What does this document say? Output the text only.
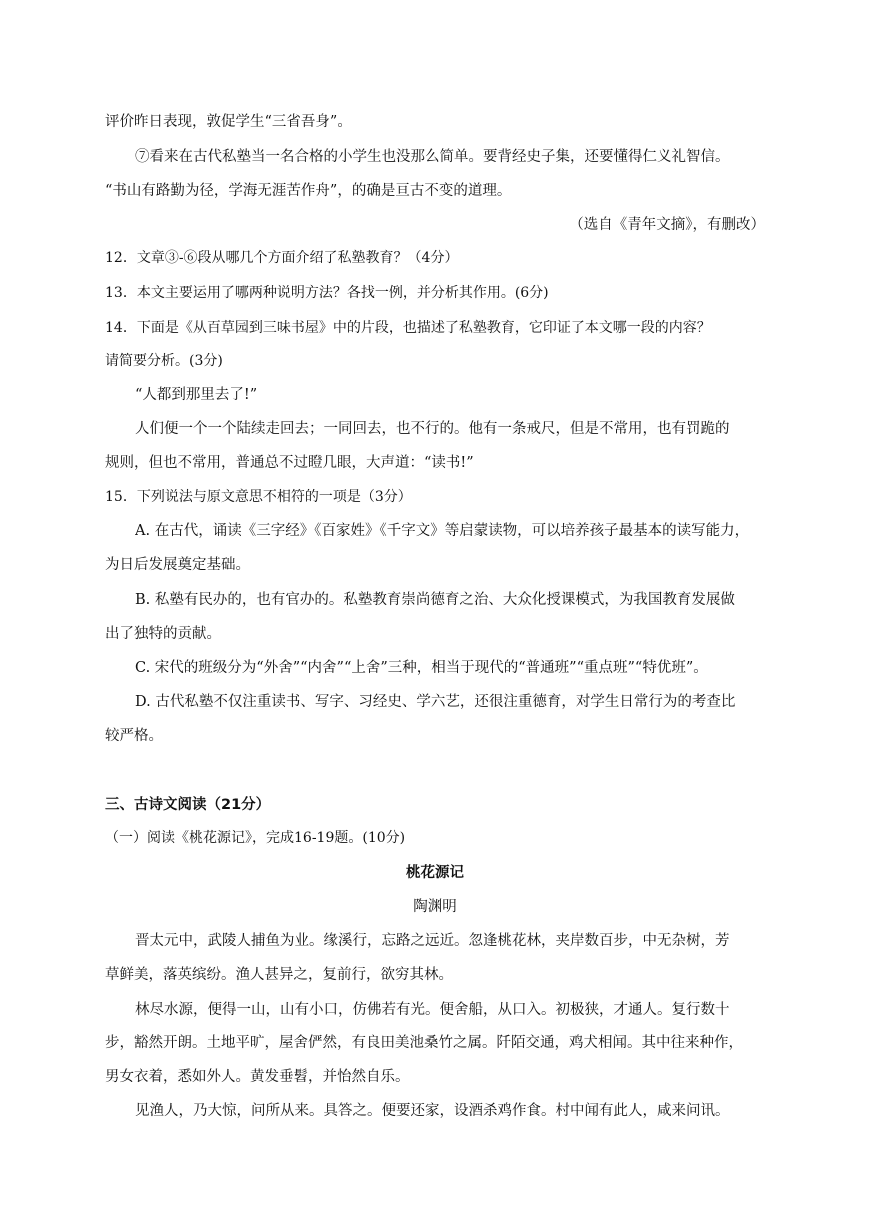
评价昨日表现，敦促学生“三省吾身”。
⑦看来在古代私塾当一名合格的小学生也没那么简单。要背经史子集，还要懂得仁义礼智信。
“书山有路勤为径，学海无涯苦作舟”，的确是亘古不变的道理。
（选自《青年文摘》，有删改）
12．文章③-⑥段从哪几个方面介绍了私塾教育？（4分）
13．本文主要运用了哪两种说明方法？各找一例，并分析其作用。(6分)
14．下面是《从百草园到三味书屋》中的片段，也描述了私塾教育，它印证了本文哪一段的内容？
请简要分析。(3分)
“人都到那里去了!”
人们便一个一个陆续走回去；一同回去，也不行的。他有一条戒尺，但是不常用，也有罚跪的
规则，但也不常用，普通总不过瞪几眼，大声道：“读书!”
15．下列说法与原文意思不相符的一项是（3分）
A. 在古代，诵读《三字经》《百家姓》《千字文》等启蒙读物，可以培养孩子最基本的读写能力，
为日后发展奠定基础。
B. 私塾有民办的，也有官办的。私塾教育崇尚德育之治、大众化授课模式，为我国教育发展做
出了独特的贡献。
C. 宋代的班级分为“外舍”“内舍”“上舍”三种，相当于现代的“普通班”“重点班”“特优班”。
D. 古代私塾不仅注重读书、写字、习经史、学六艺，还很注重德育，对学生日常行为的考查比
较严格。
三、古诗文阅读（21分）
（一）阅读《桃花源记》，完成16-19题。(10分)
桃花源记
陶渊明
晋太元中，武陵人捕鱼为业。缘溪行，忘路之远近。忽逢桃花林，夹岸数百步，中无杂树，芳
草鲜美，落英缤纷。渔人甚异之，复前行，欲穷其林。
林尽水源，便得一山，山有小口，仿佛若有光。便舍船，从口入。初极狭，才通人。复行数十
步，豁然开朗。土地平旷，屋舍俨然，有良田美池桑竹之属。阡陌交通，鸡犬相闻。其中往来种作，
男女衣着，悉如外人。黄发垂髫，并怡然自乐。
见渔人，乃大惊，问所从来。具答之。便要还家，设酒杀鸡作食。村中闻有此人，咸来问讯。
